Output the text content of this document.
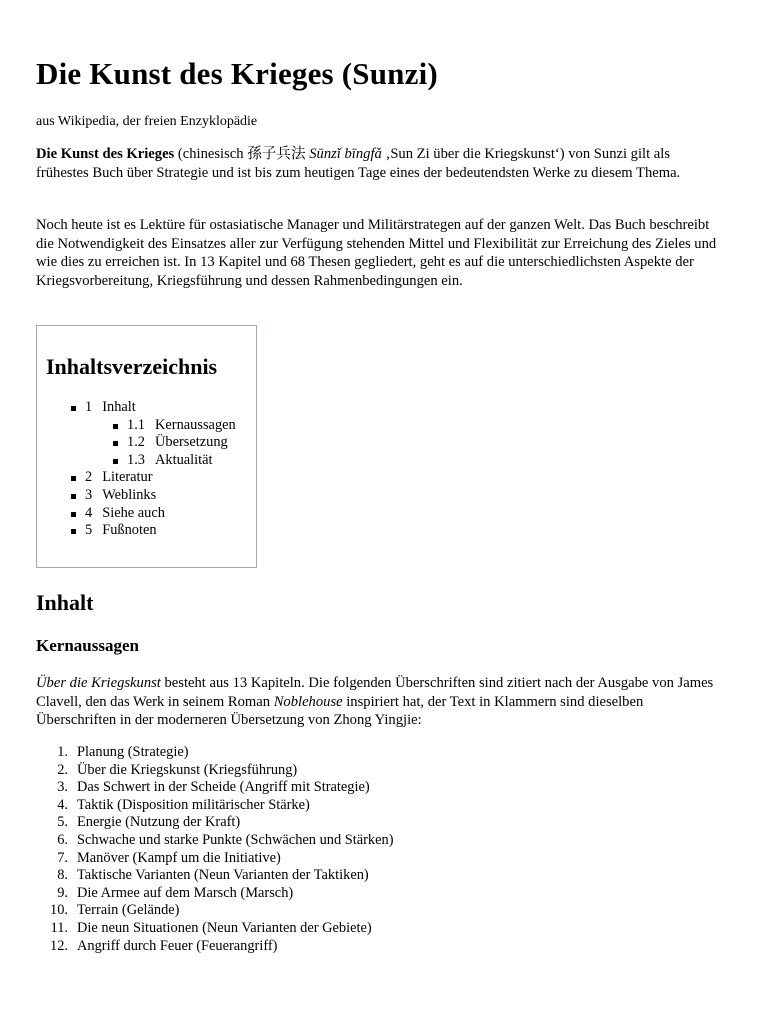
Die Kunst des Krieges (Sunzi)
aus Wikipedia, der freien Enzyklopädie

Die Kunst des Krieges (chinesisch 孫子兵法 Sūnzǐ bīngfǎ ‚Sun Zi über die Kriegskunst‘) von Sunzi gilt als frühestes Buch über Strategie und ist bis zum heutigen Tage eines der bedeutendsten Werke zu diesem Thema.

Noch heute ist es Lektüre für ostasiatische Manager und Militärstrategen auf der ganzen Welt. Das Buch beschreibt die Notwendigkeit des Einsatzes aller zur Verfügung stehenden Mittel und Flexibilität zur Erreichung des Zieles und wie dies zu erreichen ist. In 13 Kapitel und 68 Thesen gegliedert, geht es auf die unterschiedlichsten Aspekte der Kriegsvorbereitung, Kriegsführung und dessen Rahmenbedingungen ein.

Inhaltsverzeichnis
1 Inhalt
1.1 Kernaussagen
1.2 Übersetzung
1.3 Aktualität
2 Literatur
3 Weblinks
4 Siehe auch
5 Fußnoten
Inhalt
Kernaussagen

Über die Kriegskunst besteht aus 13 Kapiteln. Die folgenden Überschriften sind zitiert nach der Ausgabe von James Clavell, den das Werk in seinem Roman Noblehouse inspiriert hat, der Text in Klammern sind dieselben Überschriften in der moderneren Übersetzung von Zhong Yingjie:

1. Planung (Strategie)
2. Über die Kriegskunst (Kriegsführung)
3. Das Schwert in der Scheide (Angriff mit Strategie)
4. Taktik (Disposition militärischer Stärke)
5. Energie (Nutzung der Kraft)
6. Schwache und starke Punkte (Schwächen und Stärken)
7. Manöver (Kampf um die Initiative)
8. Taktische Varianten (Neun Varianten der Taktiken)
9. Die Armee auf dem Marsch (Marsch)
10. Terrain (Gelände)
11. Die neun Situationen (Neun Varianten der Gebiete)
12. Angriff durch Feuer (Feuerangriff)
